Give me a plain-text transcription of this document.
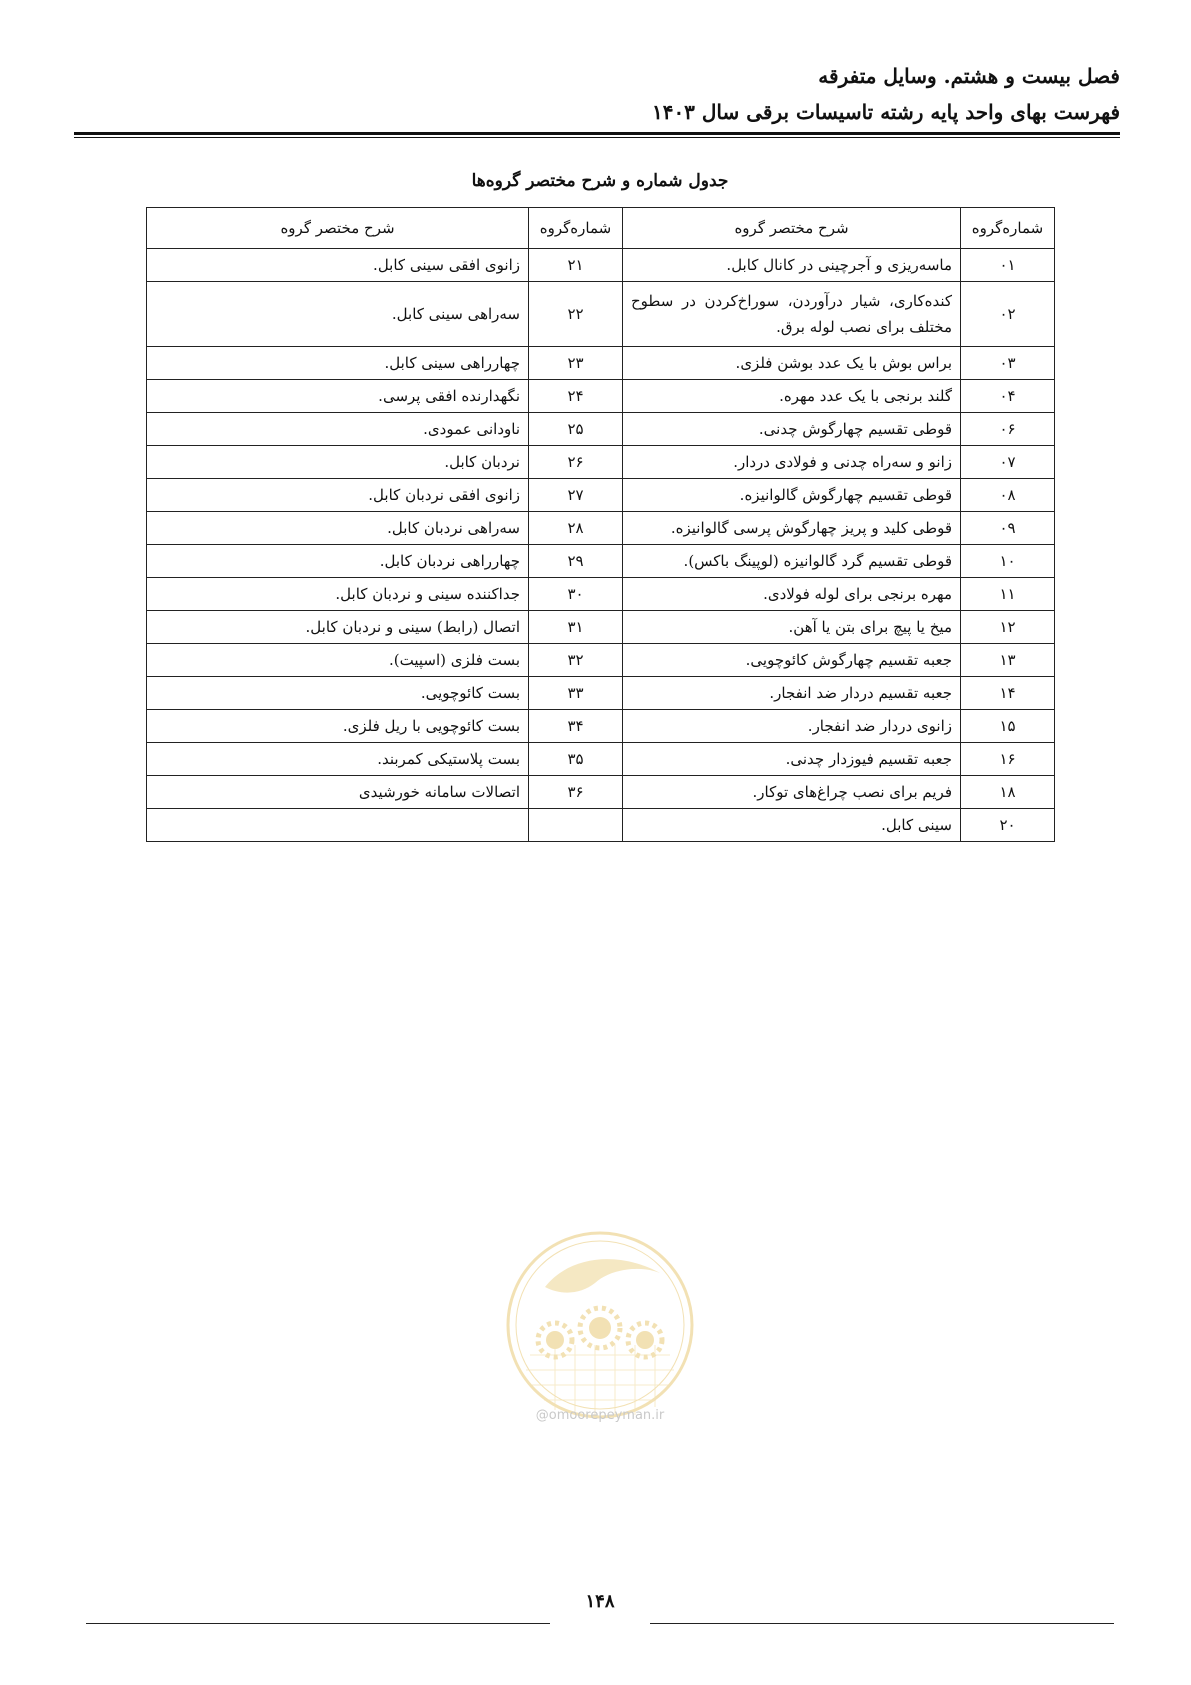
فصل بیست و هشتم. وسایل متفرقه
فهرست بهای واحد پایه رشته تاسیسات برقی سال ۱۴۰۳
جدول شماره و شرح مختصر گروه‌ها
شماره‌گروه	شرح مختصر گروه	شماره‌گروه	شرح مختصر گروه
۰۱	ماسه‌ریزی و آجرچینی در کانال کابل.	۲۱	زانوی افقی سینی کابل.
۰۲	کنده‌کاری، شیار درآوردن، سوراخ‌کردن در سطوح مختلف برای نصب لوله برق.	۲۲	سه‌راهی سینی کابل.
۰۳	براس بوش با یک عدد بوشن فلزی.	۲۳	چهارراهی سینی کابل.
۰۴	گلند برنجی با یک عدد مهره.	۲۴	نگهدارنده افقی پرسی.
۰۶	قوطی تقسیم چهارگوش چدنی.	۲۵	ناودانی عمودی.
۰۷	زانو و سه‌راه چدنی و فولادی دردار.	۲۶	نردبان کابل.
۰۸	قوطی تقسیم چهارگوش گالوانیزه.	۲۷	زانوی افقی نردبان کابل.
۰۹	قوطی کلید و پریز چهارگوش پرسی گالوانیزه.	۲۸	سه‌راهی نردبان کابل.
۱۰	قوطی تقسیم گرد گالوانیزه (لوپینگ باکس).	۲۹	چهارراهی نردبان کابل.
۱۱	مهره برنجی برای لوله فولادی.	۳۰	جداکننده سینی و نردبان کابل.
۱۲	میخ یا پیچ برای بتن یا آهن.	۳۱	اتصال (رابط) سینی و نردبان کابل.
۱۳	جعبه تقسیم چهارگوش کائوچویی.	۳۲	بست فلزی (اسپیت).
۱۴	جعبه تقسیم دردار ضد انفجار.	۳۳	بست کائوچویی.
۱۵	زانوی دردار ضد انفجار.	۳۴	بست کائوچویی با ریل فلزی.
۱۶	جعبه تقسیم فیوزدار چدنی.	۳۵	بست پلاستیکی کمربند.
۱۸	فریم برای نصب چراغ‌های توکار.	۳۶	اتصالات سامانه خورشیدی
۲۰	سینی کابل.		
@omoorepeyman.ir
۱۴۸
